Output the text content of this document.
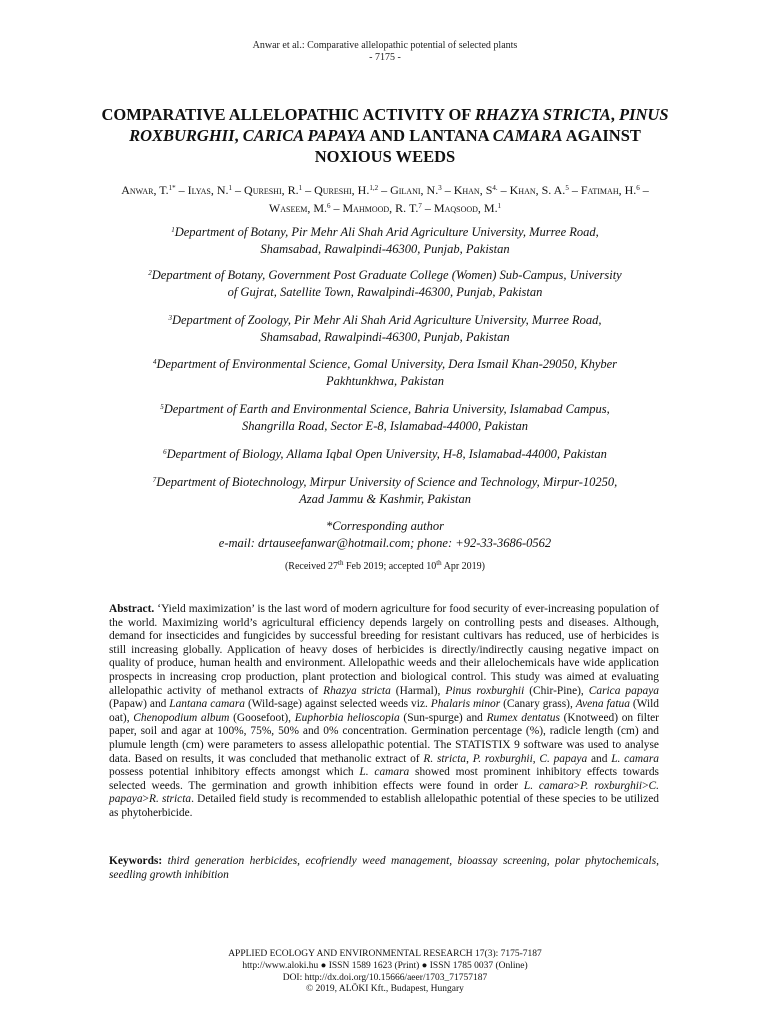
Anwar et al.: Comparative allelopathic potential of selected plants
- 7175 -
COMPARATIVE ALLELOPATHIC ACTIVITY OF RHAZYA STRICTA, PINUS ROXBURGHII, CARICA PAPAYA AND LANTANA CAMARA AGAINST NOXIOUS WEEDS
Anwar, T.$^{1*}$ – Ilyas, N.$^1$ – Qureshi, R.$^1$ – Qureshi, H.$^{1,2}$ – Gilani, N.$^3$ – Khan, $S^{4.}$ – Khan, S. A.$^5$ – Fatimah, H.$^6$ – Waseem, M.$^6$ – Mahmood, R. T.$^7$ – Maqsood, M.$^1$
$^1$Department of Botany, Pir Mehr Ali Shah Arid Agriculture University, Murree Road,
Shamsabad, Rawalpindi-46300, Punjab, Pakistan
$^2$Department of Botany, Government Post Graduate College (Women) Sub-Campus, University
of Gujrat, Satellite Town, Rawalpindi-46300, Punjab, Pakistan
$^3$Department of Zoology, Pir Mehr Ali Shah Arid Agriculture University, Murree Road,
Shamsabad, Rawalpindi-46300, Punjab, Pakistan
$^4$Department of Environmental Science, Gomal University, Dera Ismail Khan-29050, Khyber
Pakhtunkhwa, Pakistan
$^5$Department of Earth and Environmental Science, Bahria University, Islamabad Campus,
Shangrilla Road, Sector E-8, Islamabad-44000, Pakistan
$^6$Department of Biology, Allama Iqbal Open University, H-8, Islamabad-44000, Pakistan
$^7$Department of Biotechnology, Mirpur University of Science and Technology, Mirpur-10250,
Azad Jammu & Kashmir, Pakistan
*Corresponding author
e-mail: drtauseefanwar@hotmail.com; phone: +92-33-3686-0562
(Received 27th Feb 2019; accepted 10th Apr 2019)
Abstract. ‘Yield maximization’ is the last word of modern agriculture for food security of ever-increasing population of the world. Maximizing world’s agricultural efficiency depends largely on controlling pests and diseases. Although, demand for insecticides and fungicides by successful breeding for resistant cultivars has reduced, use of herbicides is still increasing globally. Application of heavy doses of herbicides is directly/indirectly causing negative impact on quality of produce, human health and environment. Allelopathic weeds and their allelochemicals have wide application prospects in increasing crop production, plant protection and biological control. This study was aimed at evaluating allelopathic activity of methanol extracts of Rhazya stricta (Harmal), Pinus roxburghii (Chir-Pine), Carica papaya (Papaw) and Lantana camara (Wild-sage) against selected weeds viz. Phalaris minor (Canary grass), Avena fatua (Wild oat), Chenopodium album (Goosefoot), Euphorbia helioscopia (Sun-spurge) and Rumex dentatus (Knotweed) on filter paper, soil and agar at 100%, 75%, 50% and 0% concentration. Germination percentage (%), radicle length (cm) and plumule length (cm) were parameters to assess allelopathic potential. The STATISTIX 9 software was used to analyse data. Based on results, it was concluded that methanolic extract of R. stricta, P. roxburghii, C. papaya and L. camara possess potential inhibitory effects amongst which L. camara showed most prominent inhibitory effects towards selected weeds. The germination and growth inhibition effects were found in order L. camara>P. roxburghii>C. papaya>R. stricta. Detailed field study is recommended to establish allelopathic potential of these species to be utilized as phytoherbicide.
Keywords: third generation herbicides, ecofriendly weed management, bioassay screening, polar phytochemicals, seedling growth inhibition
APPLIED ECOLOGY AND ENVIRONMENTAL RESEARCH 17(3): 7175-7187
http://www.aloki.hu ● ISSN 1589 1623 (Print) ● ISSN 1785 0037 (Online)
DOI: http://dx.doi.org/10.15666/aeer/1703_71757187
© 2019, ALÖKI Kft., Budapest, Hungary
